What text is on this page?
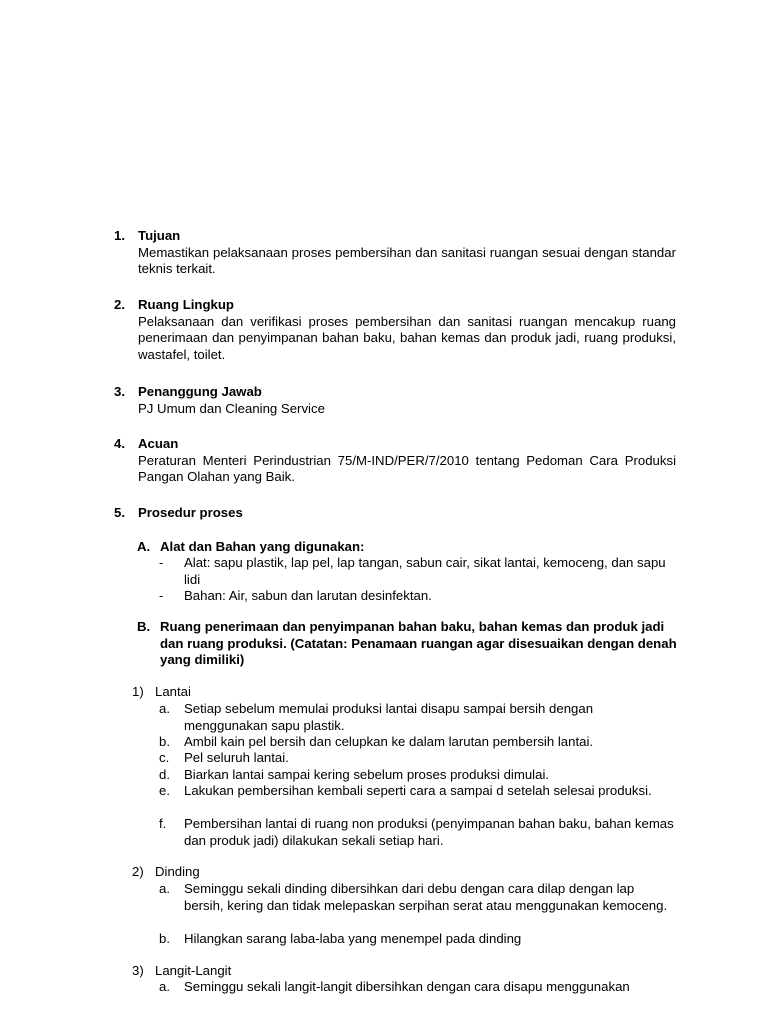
1. Tujuan
Memastikan pelaksanaan proses pembersihan dan sanitasi ruangan sesuai dengan standar teknis terkait.
2. Ruang Lingkup
Pelaksanaan dan verifikasi proses pembersihan dan sanitasi ruangan mencakup ruang penerimaan dan penyimpanan bahan baku, bahan kemas dan produk jadi, ruang produksi, wastafel, toilet.
3. Penanggung Jawab
PJ Umum dan Cleaning Service
4. Acuan
Peraturan Menteri Perindustrian 75/M-IND/PER/7/2010 tentang Pedoman Cara Produksi Pangan Olahan yang Baik.
5. Prosedur proses
A. Alat dan Bahan yang digunakan:
- Alat: sapu plastik, lap pel, lap tangan, sabun cair, sikat lantai, kemoceng, dan sapu lidi
- Bahan: Air, sabun dan larutan desinfektan.
B. Ruang penerimaan dan penyimpanan bahan baku, bahan kemas dan produk jadi dan ruang produksi. (Catatan: Penamaan ruangan agar disesuaikan dengan denah yang dimiliki)
1) Lantai
a. Setiap sebelum memulai produksi lantai disapu sampai bersih dengan menggunakan sapu plastik.
b. Ambil kain pel bersih dan celupkan ke dalam larutan pembersih lantai.
c. Pel seluruh lantai.
d. Biarkan lantai sampai kering sebelum proses produksi dimulai.
e. Lakukan pembersihan kembali seperti cara a sampai d setelah selesai produksi.
f. Pembersihan lantai di ruang non produksi (penyimpanan bahan baku, bahan kemas dan produk jadi) dilakukan sekali setiap hari.
2) Dinding
a. Seminggu sekali dinding dibersihkan dari debu dengan cara dilap dengan lap bersih, kering dan tidak melepaskan serpihan serat atau menggunakan kemoceng.
b. Hilangkan sarang laba-laba yang menempel pada dinding
3) Langit-Langit
a. Seminggu sekali langit-langit dibersihkan dengan cara disapu menggunakan
